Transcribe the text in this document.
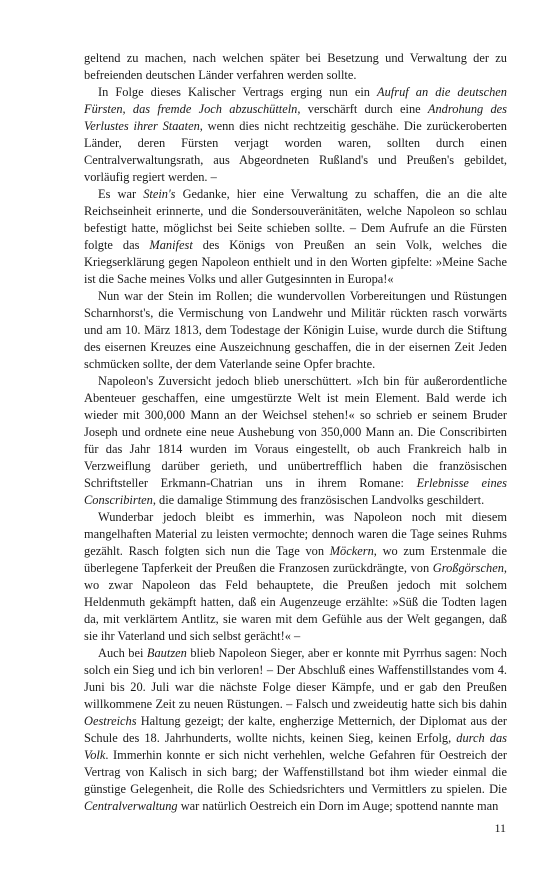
geltend zu machen, nach welchen später bei Besetzung und Verwaltung der zu befreienden deutschen Länder verfahren werden sollte.

In Folge dieses Kalischer Vertrags erging nun ein Aufruf an die deutschen Fürsten, das fremde Joch abzuschütteln, verschärft durch eine Androhung des Verlustes ihrer Staaten, wenn dies nicht rechtzeitig geschähe. Die zurückeroberten Länder, deren Fürsten verjagt worden waren, sollten durch einen Centralverwaltungsrath, aus Abgeordneten Rußland's und Preußen's gebildet, vorläufig regiert werden. –

Es war Stein's Gedanke, hier eine Verwaltung zu schaffen, die an die alte Reichseinheit erinnerte, und die Sondersouveränitäten, welche Napoleon so schlau befestigt hatte, möglichst bei Seite schieben sollte. – Dem Aufrufe an die Fürsten folgte das Manifest des Königs von Preußen an sein Volk, welches die Kriegserklärung gegen Napoleon enthielt und in den Worten gipfelte: »Meine Sache ist die Sache meines Volks und aller Gutgesinnten in Europa!«

Nun war der Stein im Rollen; die wundervollen Vorbereitungen und Rüstungen Scharnhorst's, die Vermischung von Landwehr und Militär rückten rasch vorwärts und am 10. März 1813, dem Todestage der Königin Luise, wurde durch die Stiftung des eisernen Kreuzes eine Auszeichnung geschaffen, die in der eisernen Zeit Jeden schmücken sollte, der dem Vaterlande seine Opfer brachte.

Napoleon's Zuversicht jedoch blieb unerschüttert. »Ich bin für außerordentliche Abenteuer geschaffen, eine umgestürzte Welt ist mein Element. Bald werde ich wieder mit 300,000 Mann an der Weichsel stehen!« so schrieb er seinem Bruder Joseph und ordnete eine neue Aushebung von 350,000 Mann an. Die Conscribirten für das Jahr 1814 wurden im Voraus eingestellt, ob auch Frankreich halb in Verzweiflung darüber gerieth, und unübertrefflich haben die französischen Schriftsteller Erkmann-Chatrian uns in ihrem Romane: Erlebnisse eines Conscribirten, die damalige Stimmung des französischen Landvolks geschildert.

Wunderbar jedoch bleibt es immerhin, was Napoleon noch mit diesem mangelhaften Material zu leisten vermochte; dennoch waren die Tage seines Ruhms gezählt. Rasch folgten sich nun die Tage von Möckern, wo zum Erstenmale die überlegene Tapferkeit der Preußen die Franzosen zurückdrängte, von Großgörschen, wo zwar Napoleon das Feld behauptete, die Preußen jedoch mit solchem Heldenmuth gekämpft hatten, daß ein Augenzeuge erzählte: »Süß die Todten lagen da, mit verklärtem Antlitz, sie waren mit dem Gefühle aus der Welt gegangen, daß sie ihr Vaterland und sich selbst gerächt!« –

Auch bei Bautzen blieb Napoleon Sieger, aber er konnte mit Pyrrhus sagen: Noch solch ein Sieg und ich bin verloren! – Der Abschluß eines Waffenstillstandes vom 4. Juni bis 20. Juli war die nächste Folge dieser Kämpfe, und er gab den Preußen willkommene Zeit zu neuen Rüstungen. – Falsch und zweideutig hatte sich bis dahin Oestreichs Haltung gezeigt; der kalte, engherzige Metternich, der Diplomat aus der Schule des 18. Jahrhunderts, wollte nichts, keinen Sieg, keinen Erfolg, durch das Volk. Immerhin konnte er sich nicht verhehlen, welche Gefahren für Oestreich der Vertrag von Kalisch in sich barg; der Waffenstillstand bot ihm wieder einmal die günstige Gelegenheit, die Rolle des Schiedsrichters und Vermittlers zu spielen. Die Centralverwaltung war natürlich Oestreich ein Dorn im Auge; spottend nannte man

11
